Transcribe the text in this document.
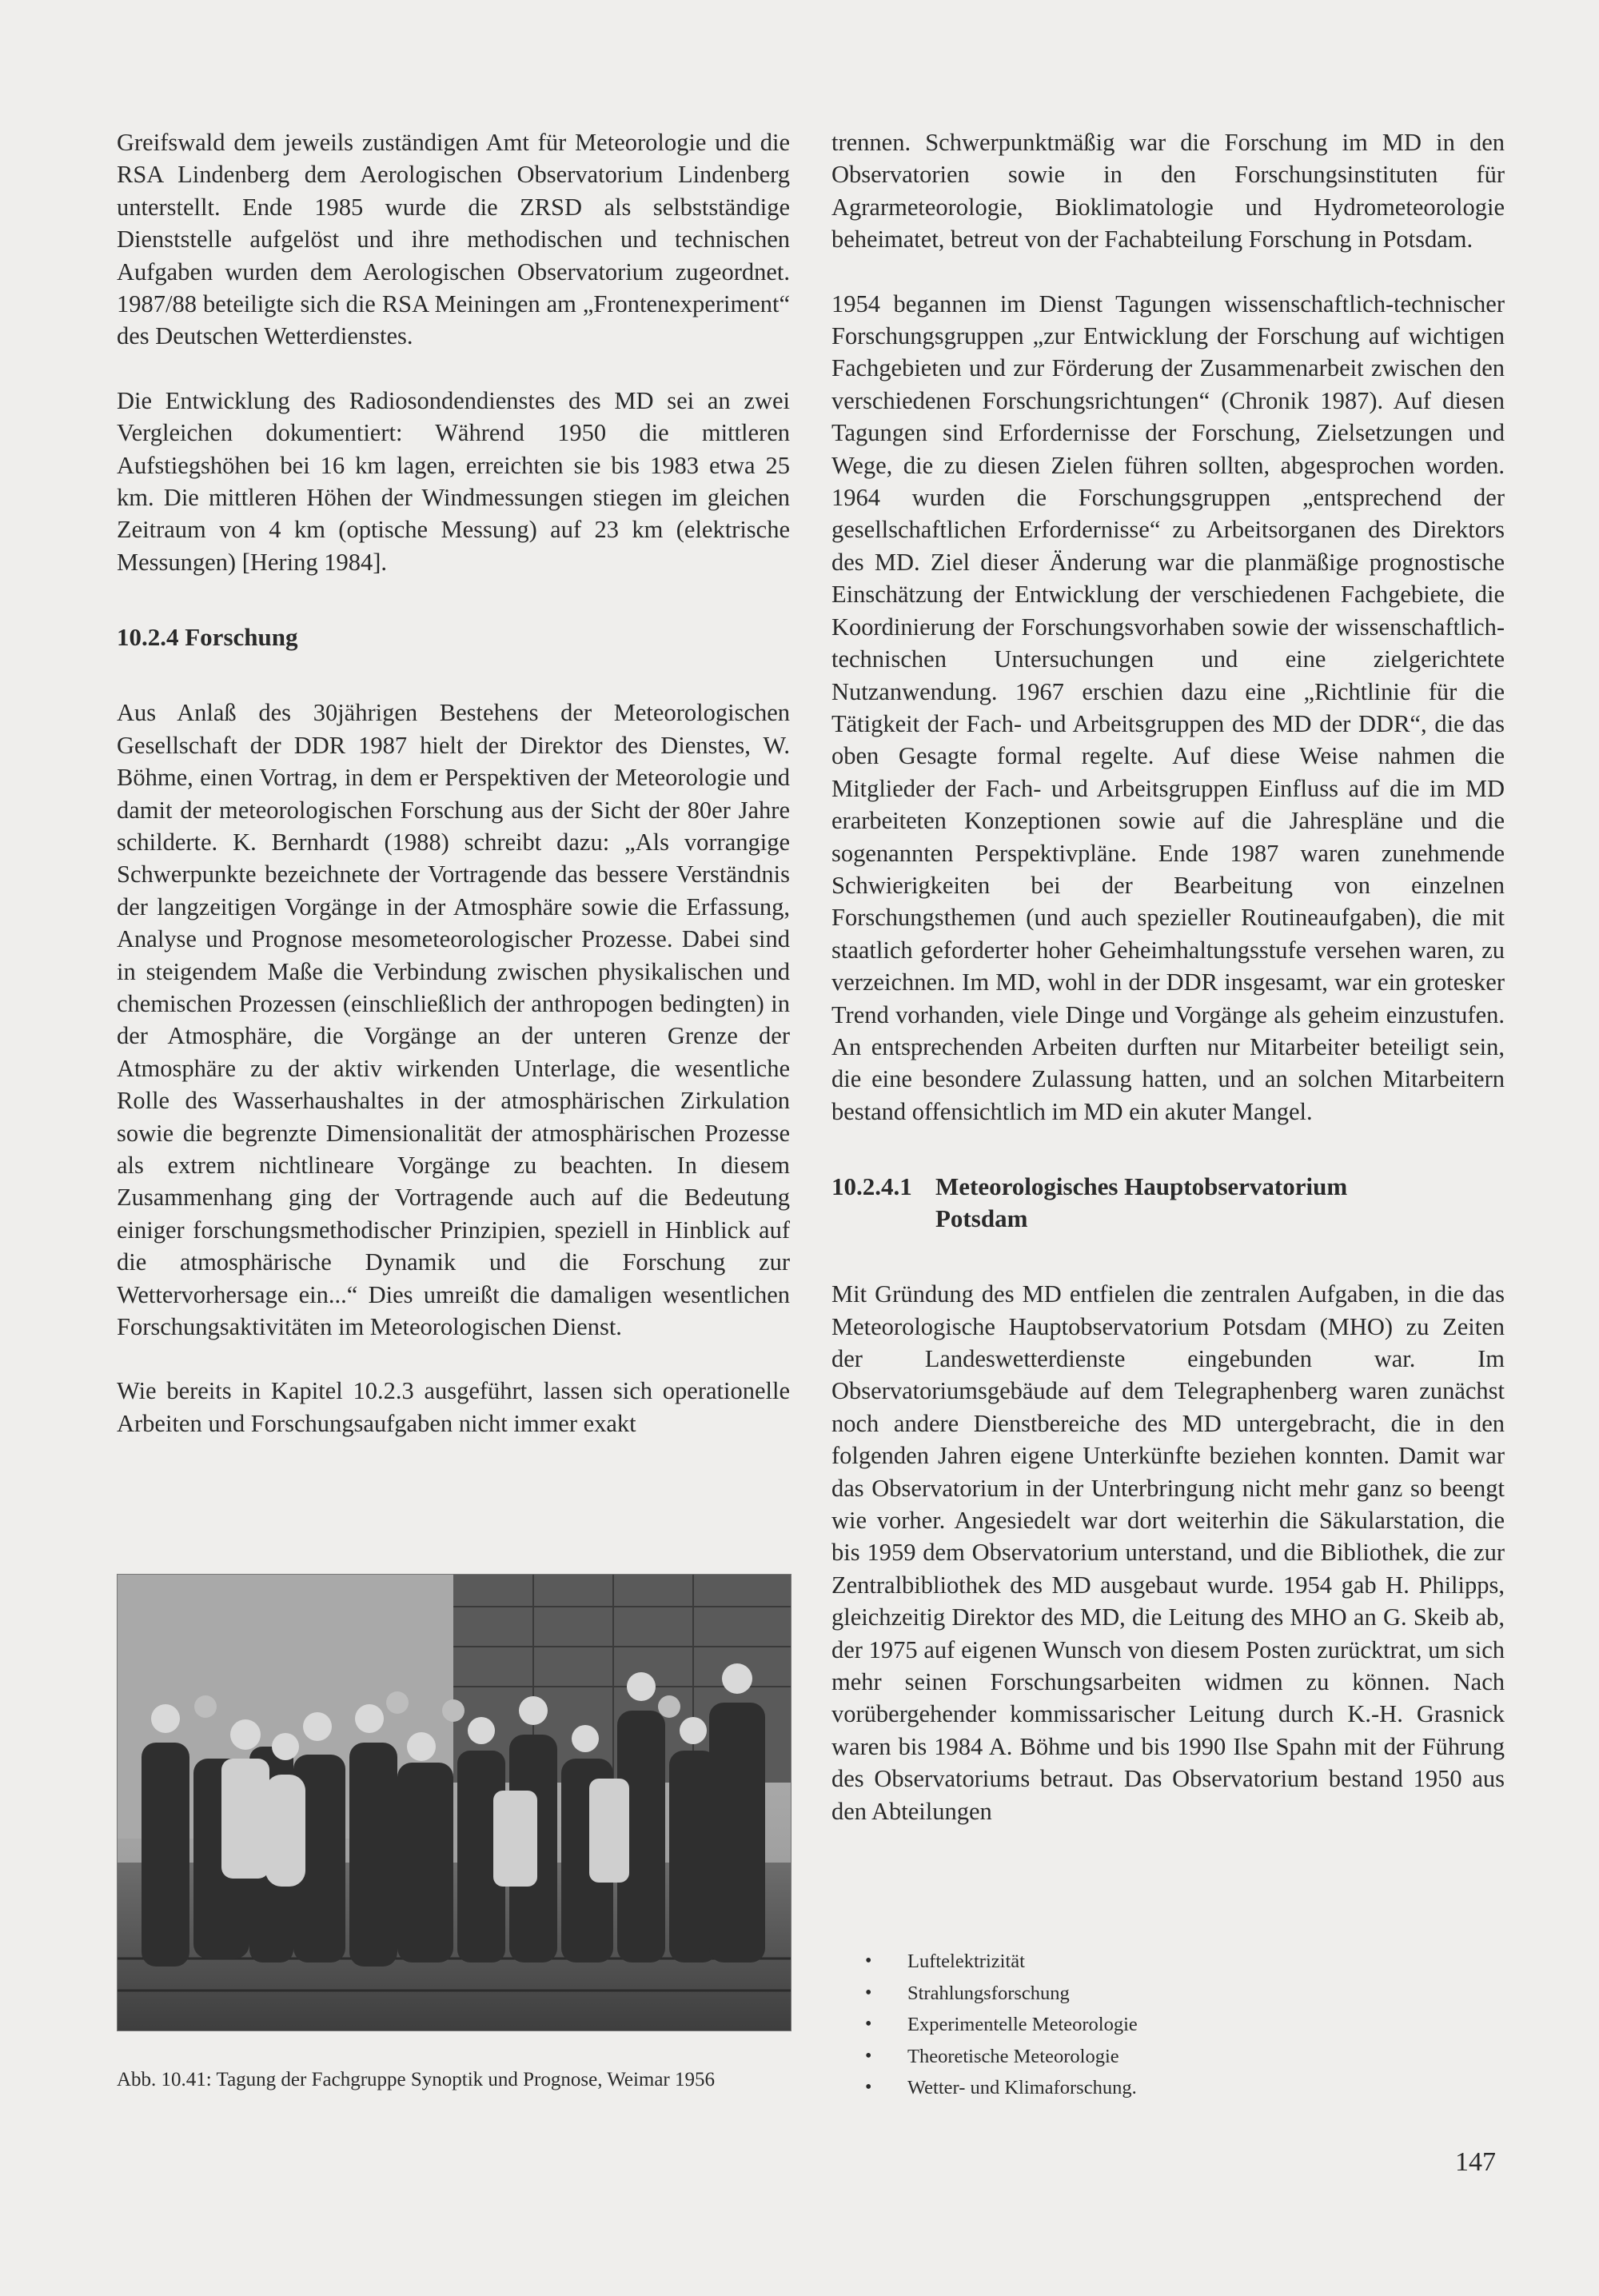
Greifswald dem jeweils zuständigen Amt für Meteorologie und die RSA Lindenberg dem Aerologischen Observatorium Lindenberg unterstellt. Ende 1985 wurde die ZRSD als selbstständige Dienststelle aufgelöst und ihre methodischen und technischen Aufgaben wurden dem Aerologischen Observatorium zugeordnet. 1987/88 beteiligte sich die RSA Meiningen am „Frontenexperiment“ des Deutschen Wetterdienstes.

Die Entwicklung des Radiosondendienstes des MD sei an zwei Vergleichen dokumentiert: Während 1950 die mittleren Aufstiegshöhen bei 16 km lagen, erreichten sie bis 1983 etwa 25 km. Die mittleren Höhen der Windmessungen stiegen im gleichen Zeitraum von 4 km (optische Messung) auf 23 km (elektrische Messungen) [Hering 1984].

10.2.4 Forschung

Aus Anlaß des 30jährigen Bestehens der Meteorologischen Gesellschaft der DDR 1987 hielt der Direktor des Dienstes, W. Böhme, einen Vortrag, in dem er Perspektiven der Meteorologie und damit der meteorologischen Forschung aus der Sicht der 80er Jahre schilderte. K. Bernhardt (1988) schreibt dazu: „Als vorrangige Schwerpunkte bezeichnete der Vortragende das bessere Verständnis der langzeitigen Vorgänge in der Atmosphäre sowie die Erfassung, Analyse und Prognose mesometeorologischer Prozesse. Dabei sind in steigendem Maße die Verbindung zwischen physikalischen und chemischen Prozessen (einschließlich der anthropogen bedingten) in der Atmosphäre, die Vorgänge an der unteren Grenze der Atmosphäre zu der aktiv wirkenden Unterlage, die wesentliche Rolle des Wasserhaushaltes in der atmosphärischen Zirkulation sowie die begrenzte Dimensionalität der atmosphärischen Prozesse als extrem nichtlineare Vorgänge zu beachten. In diesem Zusammenhang ging der Vortragende auch auf die Bedeutung einiger forschungsmethodischer Prinzipien, speziell in Hinblick auf die atmosphärische Dynamik und die Forschung zur Wettervorhersage ein...“ Dies umreißt die damaligen wesentlichen Forschungsaktivitäten im Meteorologischen Dienst.

Wie bereits in Kapitel 10.2.3 ausgeführt, lassen sich operationelle Arbeiten und Forschungsaufgaben nicht immer exakt

Abb. 10.41: Tagung der Fachgruppe Synoptik und Prognose, Weimar 1956

trennen. Schwerpunktmäßig war die Forschung im MD in den Observatorien sowie in den Forschungsinstituten für Agrarmeteorologie, Bioklimatologie und Hydrometeorologie beheimatet, betreut von der Fachabteilung Forschung in Potsdam.

1954 begannen im Dienst Tagungen wissenschaftlich-technischer Forschungsgruppen „zur Entwicklung der Forschung auf wichtigen Fachgebieten und zur Förderung der Zusammenarbeit zwischen den verschiedenen Forschungsrichtungen“ (Chronik 1987). Auf diesen Tagungen sind Erfordernisse der Forschung, Zielsetzungen und Wege, die zu diesen Zielen führen sollten, abgesprochen worden. 1964 wurden die Forschungsgruppen „entsprechend der gesellschaftlichen Erfordernisse“ zu Arbeitsorganen des Direktors des MD. Ziel dieser Änderung war die planmäßige prognostische Einschätzung der Entwicklung der verschiedenen Fachgebiete, die Koordinierung der Forschungsvorhaben sowie der wissenschaftlich-technischen Untersuchungen und eine zielgerichtete Nutzanwendung. 1967 erschien dazu eine „Richtlinie für die Tätigkeit der Fach- und Arbeitsgruppen des MD der DDR“, die das oben Gesagte formal regelte. Auf diese Weise nahmen die Mitglieder der Fach- und Arbeitsgruppen Einfluss auf die im MD erarbeiteten Konzeptionen sowie auf die Jahrespläne und die sogenannten Perspektivpläne. Ende 1987 waren zunehmende Schwierigkeiten bei der Bearbeitung von einzelnen Forschungsthemen (und auch spezieller Routineaufgaben), die mit staatlich geforderter hoher Geheimhaltungsstufe versehen waren, zu verzeichnen. Im MD, wohl in der DDR insgesamt, war ein grotesker Trend vorhanden, viele Dinge und Vorgänge als geheim einzustufen. An entsprechenden Arbeiten durften nur Mitarbeiter beteiligt sein, die eine besondere Zulassung hatten, und an solchen Mitarbeitern bestand offensichtlich im MD ein akuter Mangel.

10.2.4.1 Meteorologisches Hauptobservatorium
Potsdam

Mit Gründung des MD entfielen die zentralen Aufgaben, in die das Meteorologische Hauptobservatorium Potsdam (MHO) zu Zeiten der Landeswetterdienste eingebunden war. Im Observatoriumsgebäude auf dem Telegraphenberg waren zunächst noch andere Dienstbereiche des MD untergebracht, die in den folgenden Jahren eigene Unterkünfte beziehen konnten. Damit war das Observatorium in der Unterbringung nicht mehr ganz so beengt wie vorher. Angesiedelt war dort weiterhin die Säkularstation, die bis 1959 dem Observatorium unterstand, und die Bibliothek, die zur Zentralbibliothek des MD ausgebaut wurde. 1954 gab H. Philipps, gleichzeitig Direktor des MD, die Leitung des MHO an G. Skeib ab, der 1975 auf eigenen Wunsch von diesem Posten zurücktrat, um sich mehr seinen Forschungsarbeiten widmen zu können. Nach vorübergehender kommissarischer Leitung durch K.-H. Grasnick waren bis 1984 A. Böhme und bis 1990 Ilse Spahn mit der Führung des Observatoriums betraut. Das Observatorium bestand 1950 aus den Abteilungen

• Luftelektrizität
• Strahlungsforschung
• Experimentelle Meteorologie
• Theoretische Meteorologie
• Wetter- und Klimaforschung.
147
